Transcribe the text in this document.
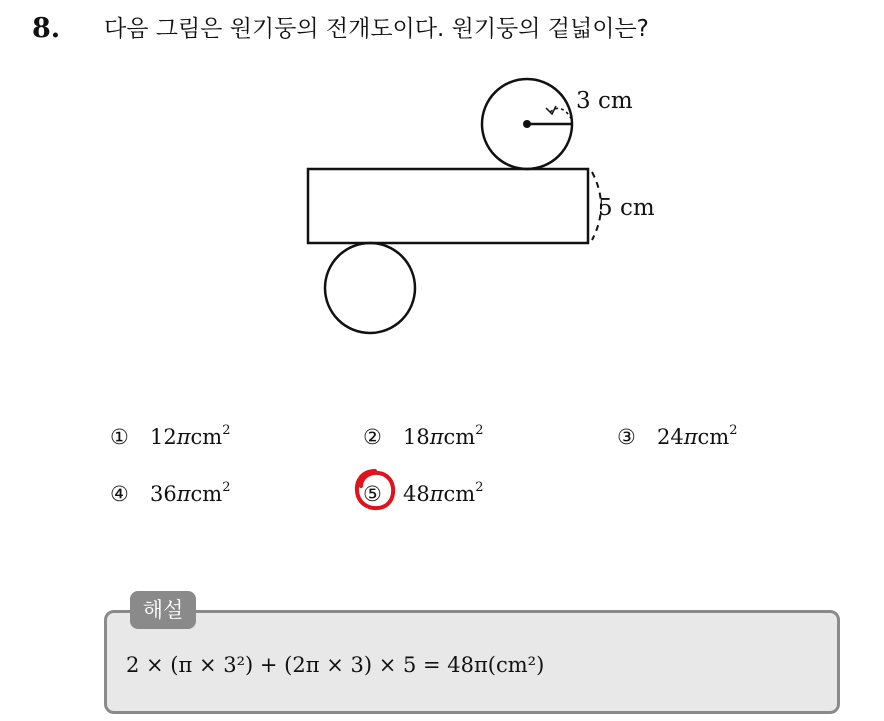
8. 다음 그림은 원기둥의 전개도이다. 원기둥의 겉넓이는?
3 cm
5 cm
①	12πcm$^2$	②	18πcm$^2$	③	24πcm$^2$
④	36πcm$^2$	⑤	48πcm$^2$
해설
2 × (π × 3²) + (2π × 3) × 5 = 48π(cm²)
